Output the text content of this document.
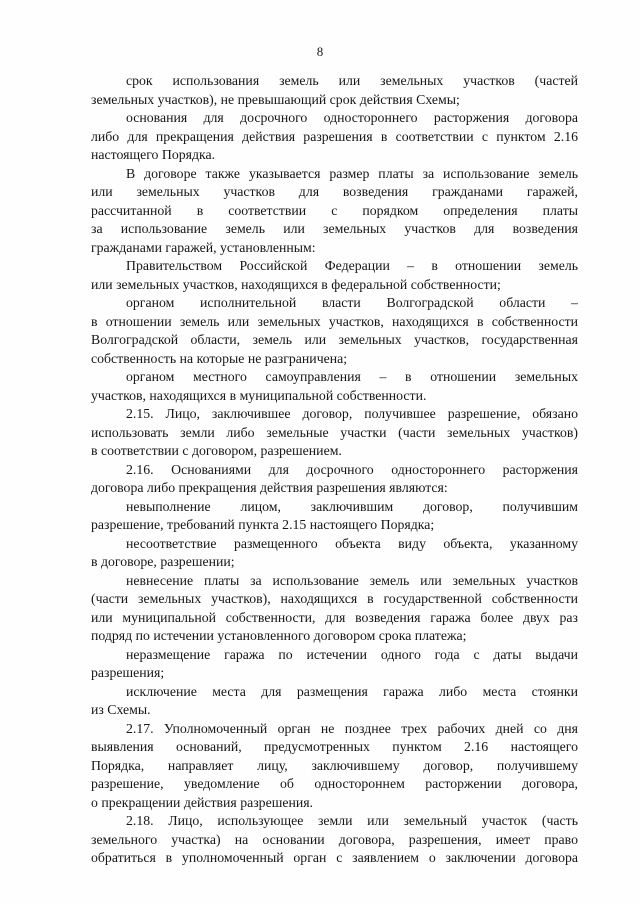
8
срок использования земель или земельных участков (частей
земельных участков), не превышающий срок действия Схемы;
основания для досрочного одностороннего расторжения договора
либо для прекращения действия разрешения в соответствии с пунктом 2.16
настоящего Порядка.
В договоре также указывается размер платы за использование земель
или земельных участков для возведения гражданами гаражей,
рассчитанной в соответствии с порядком определения платы
за использование земель или земельных участков для возведения
гражданами гаражей, установленным:
Правительством Российской Федерации – в отношении земель
или земельных участков, находящихся в федеральной собственности;
органом исполнительной власти Волгоградской области –
в отношении земель или земельных участков, находящихся в собственности
Волгоградской области, земель или земельных участков, государственная
собственность на которые не разграничена;
органом местного самоуправления – в отношении земельных
участков, находящихся в муниципальной собственности.
2.15. Лицо, заключившее договор, получившее разрешение, обязано
использовать земли либо земельные участки (части земельных участков)
в соответствии с договором, разрешением.
2.16. Основаниями для досрочного одностороннего расторжения
договора либо прекращения действия разрешения являются:
невыполнение лицом, заключившим договор, получившим
разрешение, требований пункта 2.15 настоящего Порядка;
несоответствие размещенного объекта виду объекта, указанному
в договоре, разрешении;
невнесение платы за использование земель или земельных участков
(части земельных участков), находящихся в государственной собственности
или муниципальной собственности, для возведения гаража более двух раз
подряд по истечении установленного договором срока платежа;
неразмещение гаража по истечении одного года с даты выдачи
разрешения;
исключение места для размещения гаража либо места стоянки
из Схемы.
2.17. Уполномоченный орган не позднее трех рабочих дней со дня
выявления оснований, предусмотренных пунктом 2.16 настоящего
Порядка, направляет лицу, заключившему договор, получившему
разрешение, уведомление об одностороннем расторжении договора,
о прекращении действия разрешения.
2.18. Лицо, использующее земли или земельный участок (часть
земельного участка) на основании договора, разрешения, имеет право
обратиться в уполномоченный орган с заявлением о заключении договора
